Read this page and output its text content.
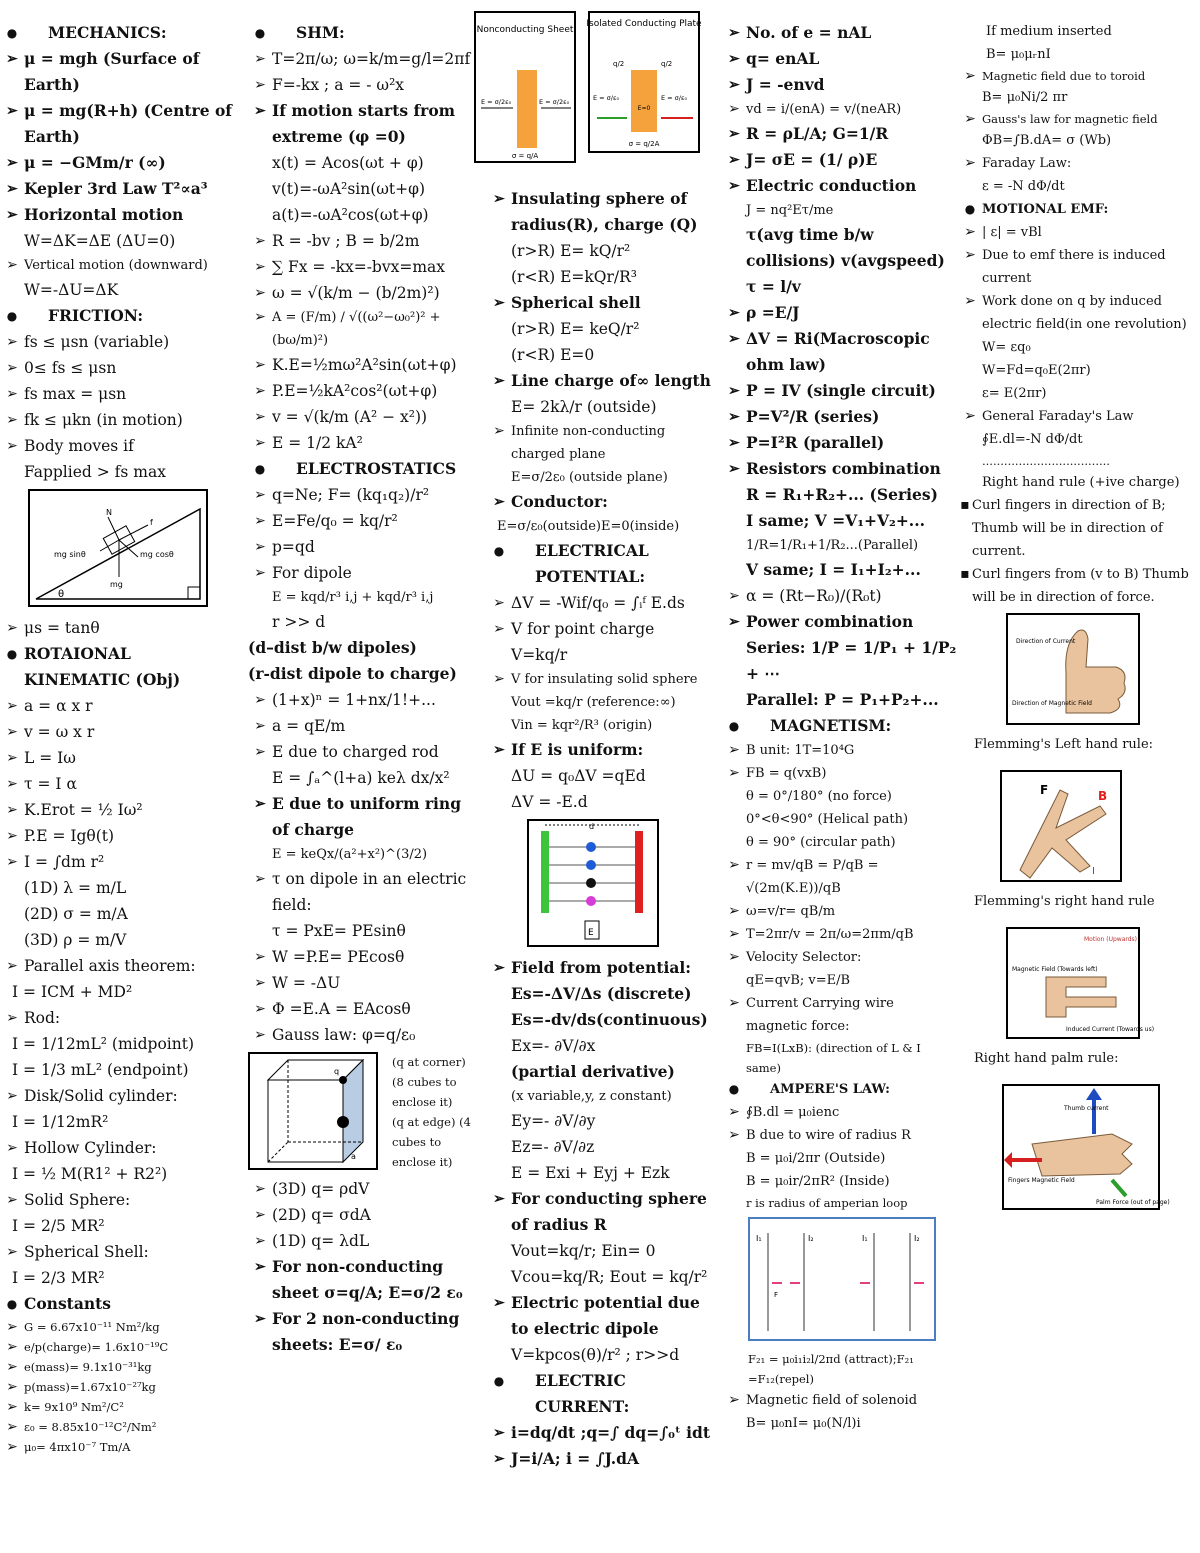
●	MECHANICS:
➢ μ = mgh (Surface of Earth)
➢ μ = mg(R+h) (Centre of Earth)
➢ μ = −GMm/r (∞)
➢ Kepler 3rd Law T²∝a³
➢ Horizontal motion
W=ΔK=ΔE (ΔU=0)
➢ Vertical motion (downward)
W=-ΔU=ΔK
●	FRICTION:
➢ fs ≤ μsn (variable)
➢ 0≤ fs ≤ μsn
➢ fs max = μsn
➢ fk ≤ μkn (in motion)
➢ Body moves if
Fapplied > fs max
N
f
mg sinθ	mg cosθ
mg
θ
➢ μs = tanθ
● ROTAIONAL KINEMATIC (Obj)
➢ a = α x r
➢ v = ω x r
➢ L = Iω
➢ τ = I α
➢ K.Erot = ½ Iω²
➢ P.E = Igθ(t)
➢ I = ∫dm r²
(1D) λ = m/L
(2D) σ = m/A
(3D) ρ = m/V
➢ Parallel axis theorem:
I = ICM + MD²
➢ Rod:
I = 1/12mL² (midpoint)
I = 1/3 mL² (endpoint)
➢ Disk/Solid cylinder:
I = 1/12mR²
➢ Hollow Cylinder:
I = ½ M(R1² + R2²)
➢ Solid Sphere:
I = 2/5 MR²
➢ Spherical Shell:
I = 2/3 MR²
● Constants
➢ G = 6.67x10⁻¹¹ Nm²/kg
➢ e/p(charge)= 1.6x10⁻¹⁹C
➢ e(mass)= 9.1x10⁻³¹kg
➢ p(mass)=1.67x10⁻²⁷kg
➢ k= 9x10⁹ Nm²/C²
➢ ε₀ = 8.85x10⁻¹²C²/Nm²
➢ μ₀= 4πx10⁻⁷ Tm/A
●	SHM:
➢ T=2π/ω; ω=k/m=g/l=2πf
➢ F=-kx ; a = - ω²x
➢ If motion starts from extreme (φ =0)
x(t) = Acos(ωt + φ)
v(t)=-ωA²sin(ωt+φ)
a(t)=-ωA²cos(ωt+φ)
➢ R = -bv ; B = b/2m
➢ ∑ Fx = -kx=-bvx=max
➢ ω = √(k/m − (b/2m)²)
➢ A = (F/m) / √((ω²−ω₀²)² + (bω/m)²)
➢ K.E=½mω²A²sin(ωt+φ)
➢ P.E=½kA²cos²(ωt+φ)
➢ v = √(k/m (A² − x²))
➢ E = 1/2 kA²
●	ELECTROSTATICS
➢ q=Ne; F= (kq₁q₂)/r²
➢ E=Fe/q₀ = kq/r²
➢ p=qd
➢ For dipole
E = kqd/r³ i,j + kqd/r³ i,j
r >> d
(d–dist b/w dipoles)
(r-dist dipole to charge)
➢ (1+x)ⁿ = 1+nx/1!+...
➢ a = qE/m
➢ E due to charged rod
E = ∫ₐ^(l+a) keλ dx/x²
➢ E due to uniform ring of charge
E = keQx/(a²+x²)^(3/2)
➢ τ on dipole in an electric field:
τ = PxE= PEsinθ
➢ W =P.E= PEcosθ
➢ W = -ΔU
➢ Φ =E.A = EAcosθ
➢ Gauss law: φ=q/ε₀
q
a
(q at corner)
(8 cubes to
enclose it)
(q at edge) (4
cubes to
enclose it)
➢ (3D) q= ρdV
➢ (2D) q= σdA
➢ (1D) q= λdL
➢ For non-conducting sheet σ=q/A; E=σ/2 ε₀
➢ For 2 non-conducting sheets: E=σ/ ε₀
Nonconducting Sheet
E = σ/2ε₀	E = σ/2ε₀
σ = q/A
Isolated Conducting Plate
q/2	q/2
E = σ/ε₀	E = σ/ε₀
E=0
σ = q/2A
➢ Insulating sphere of radius(R), charge (Q)
(r>R) E= kQ/r²
(r<R) E=kQr/R³
➢ Spherical shell
(r>R) E= keQ/r²
(r<R) E=0
➢ Line charge of∞ length
E= 2kλ/r (outside)
➢ Infinite non-conducting charged plane
E=σ/2ε₀ (outside plane)
➢ Conductor:
E=σ/ε₀(outside)E=0(inside)
●	ELECTRICAL POTENTIAL:
➢ ΔV = -Wif/q₀ = ∫ᵢᶠ E.ds
➢ V for point charge
V=kq/r
➢ V for insulating solid sphere
Vout =kq/r (reference:∞)
Vin = kqr²/R³ (origin)
➢ If E is uniform:
ΔU = q₀ΔV =qEd
ΔV = -E.d
d
E
➢ Field from potential:
Es=-ΔV/Δs (discrete)
Es=-dv/ds(continuous)
Ex=- ∂V/∂x
(partial derivative)
(x variable,y, z constant)
Ey=- ∂V/∂y
Ez=- ∂V/∂z
E = Exi + Eyj + Ezk
➢ For conducting sphere of radius R
Vout=kq/r; Ein= 0
Vcou=kq/R; Eout = kq/r²
➢ Electric potential due to electric dipole
V=kpcos(θ)/r² ; r>>d
●	ELECTRIC CURRENT:
➢ i=dq/dt ;q=∫ dq=∫₀ᵗ idt
➢ J=i/A; i = ∫J.dA
➢ No. of e = nAL
➢ q= enAL
➢ J = -envd
➢ vd = i/(enA) = v/(neAR)
➢ R = ρL/A; G=1/R
➢ J= σE = (1/ ρ)E
➢ Electric conduction
J = nq²Eτ/me
τ(avg time b/w collisions) v(avgspeed)
τ = l/v
➢ ρ =E/J
➢ ΔV = Ri(Macroscopic ohm law)
➢ P = IV (single circuit)
➢ P=V²/R (series)
➢ P=I²R (parallel)
➢ Resistors combination
R = R₁+R₂+... (Series)
I same; V =V₁+V₂+...
1/R=1/R₁+1/R₂...(Parallel)
V same; I = I₁+I₂+...
➢ α = (Rt−R₀)/(R₀t)
➢ Power combination
Series: 1/P = 1/P₁ + 1/P₂ + ⋯
Parallel: P = P₁+P₂+...
●	MAGNETISM:
➢ B unit: 1T=10⁴G
➢ FB = q(vxB)
θ = 0°/180° (no force)
0°<θ<90° (Helical path)
θ = 90° (circular path)
➢ r = mv/qB = P/qB = √(2m(K.E))/qB
➢ ω=v/r= qB/m
➢ T=2πr/v = 2π/ω=2πm/qB
➢ Velocity Selector:
qE=qvB; v=E/B
➢ Current Carrying wire magnetic force:
FB=I(LxB): (direction of L & I same)
●	AMPERE'S LAW:
➢ ∮B.dl = μ₀ienc
➢ B due to wire of radius R
B = μ₀i/2πr (Outside)
B = μ₀ir/2πR² (Inside)
r is radius of amperian loop
I₁	I₂	I₁	I₂
F
F₂₁ = μ₀i₁i₂l/2πd (attract);F₂₁ =F₁₂(repel)
➢ Magnetic field of solenoid
B= μ₀nI= μ₀(N/l)i
If medium inserted
B= μ₀μᵣnI
➢ Magnetic field due to toroid
B= μ₀Ni/2 πr
➢ Gauss's law for magnetic field
ΦB=∫B.dA= σ (Wb)
➢ Faraday Law:
ε = -N dΦ/dt
● MOTIONAL EMF:
➢ | ε| = vBl
➢ Due to emf there is induced current
➢ Work done on q by induced electric field(in one revolution)
W= εq₀
W=Fd=q₀E(2πr)
ε= E(2πr)
➢ General Faraday's Law
∮E.dl=-N dΦ/dt
...................................
Right hand rule (+ive charge)
▪ Curl fingers in direction of B; Thumb will be in direction of current.
▪ Curl fingers from (v to B) Thumb will be in direction of force.
Direction of Current
Direction of Magnetic Field
Flemming's Left hand rule:
F	B
I
Flemming's right hand rule
Motion (Upwards)
Magnetic Field (Towards left)
Induced Current (Towards us)
Right hand palm rule:
Thumb current
Fingers Magnetic Field
Palm Force (out of page)
